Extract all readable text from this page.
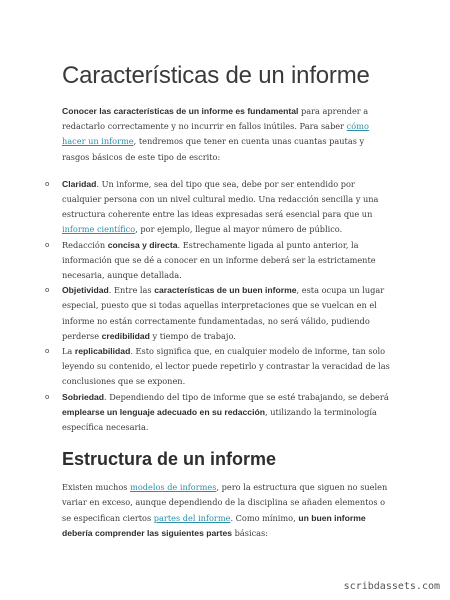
Características de un informe

Conocer las características de un informe es fundamental para aprender a redactarlo correctamente y no incurrir en fallos inútiles. Para saber cómo hacer un informe, tendremos que tener en cuenta unas cuantas pautas y rasgos básicos de este tipo de escrito:

o Claridad. Un informe, sea del tipo que sea, debe por ser entendido por cualquier persona con un nivel cultural medio. Una redacción sencilla y una estructura coherente entre las ideas expresadas será esencial para que un informe científico, por ejemplo, llegue al mayor número de público.
o Redacción concisa y directa. Estrechamente ligada al punto anterior, la información que se dé a conocer en un informe deberá ser la estrictamente necesaria, aunque detallada.
o Objetividad. Entre las características de un buen informe, esta ocupa un lugar especial, puesto que si todas aquellas interpretaciones que se vuelcan en el informe no están correctamente fundamentadas, no será válido, pudiendo perderse credibilidad y tiempo de trabajo.
o La replicabilidad. Esto significa que, en cualquier modelo de informe, tan solo leyendo su contenido, el lector puede repetirlo y contrastar la veracidad de las conclusiones que se exponen.
o Sobriedad. Dependiendo del tipo de informe que se esté trabajando, se deberá emplearse un lenguaje adecuado en su redacción, utilizando la terminología específica necesaria.
Estructura de un informe

Existen muchos modelos de informes, pero la estructura que siguen no suelen variar en exceso, aunque dependiendo de la disciplina se añaden elementos o se especifican ciertos partes del informe. Como mínimo, un buen informe debería comprender las siguientes partes básicas:

scribdassets.com
